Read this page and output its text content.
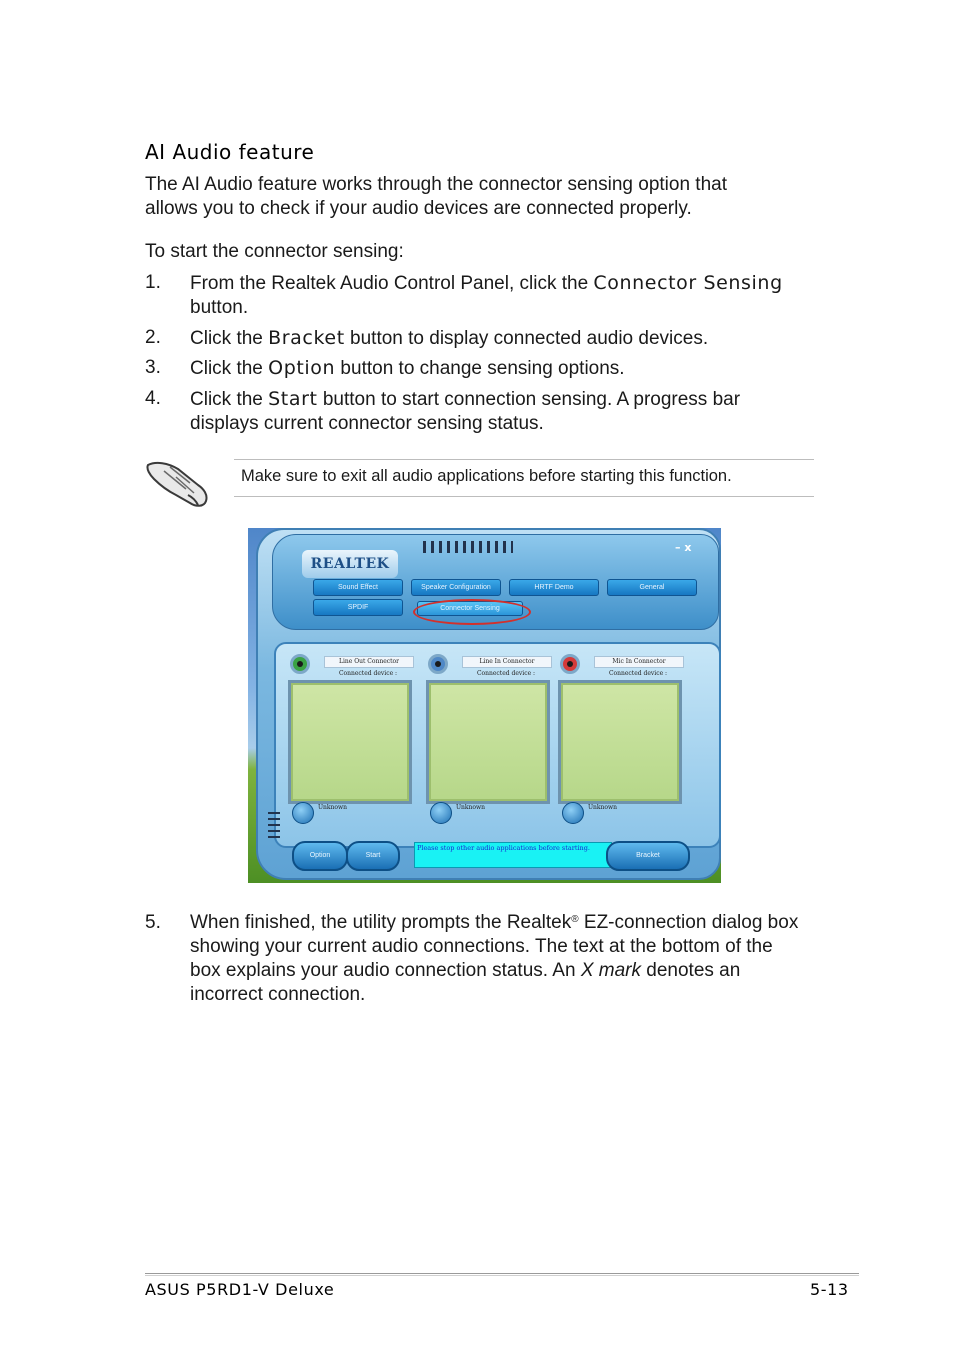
AI Audio feature
The AI Audio feature works through the connector sensing option that allows you to check if your audio devices are connected properly.
To start the connector sensing:
1. From the Realtek Audio Control Panel, click the Connector Sensing button.
2. Click the Bracket button to display connected audio devices.
3. Click the Option button to change sensing options.
4. Click the Start button to start connection sensing. A progress bar displays current connector sensing status.
Make sure to exit all audio applications before starting this function.
REALTEK
– x
Sound Effect	Speaker Configuration	HRTF Demo	General
SPDIF	Connector Sensing
Line Out Connector
Connected device :
Unknown
Line In Connector
Connected device :
Unknown
Mic In Connector
Connected device :
Unknown
Option	Start
Please stop other audio applications before starting.
Bracket
5. When finished, the utility prompts the Realtek® EZ-connection dialog box showing your current audio connections. The text at the bottom of the box explains your audio connection status. An X mark denotes an incorrect connection.
ASUS P5RD1-V Deluxe	5-13
